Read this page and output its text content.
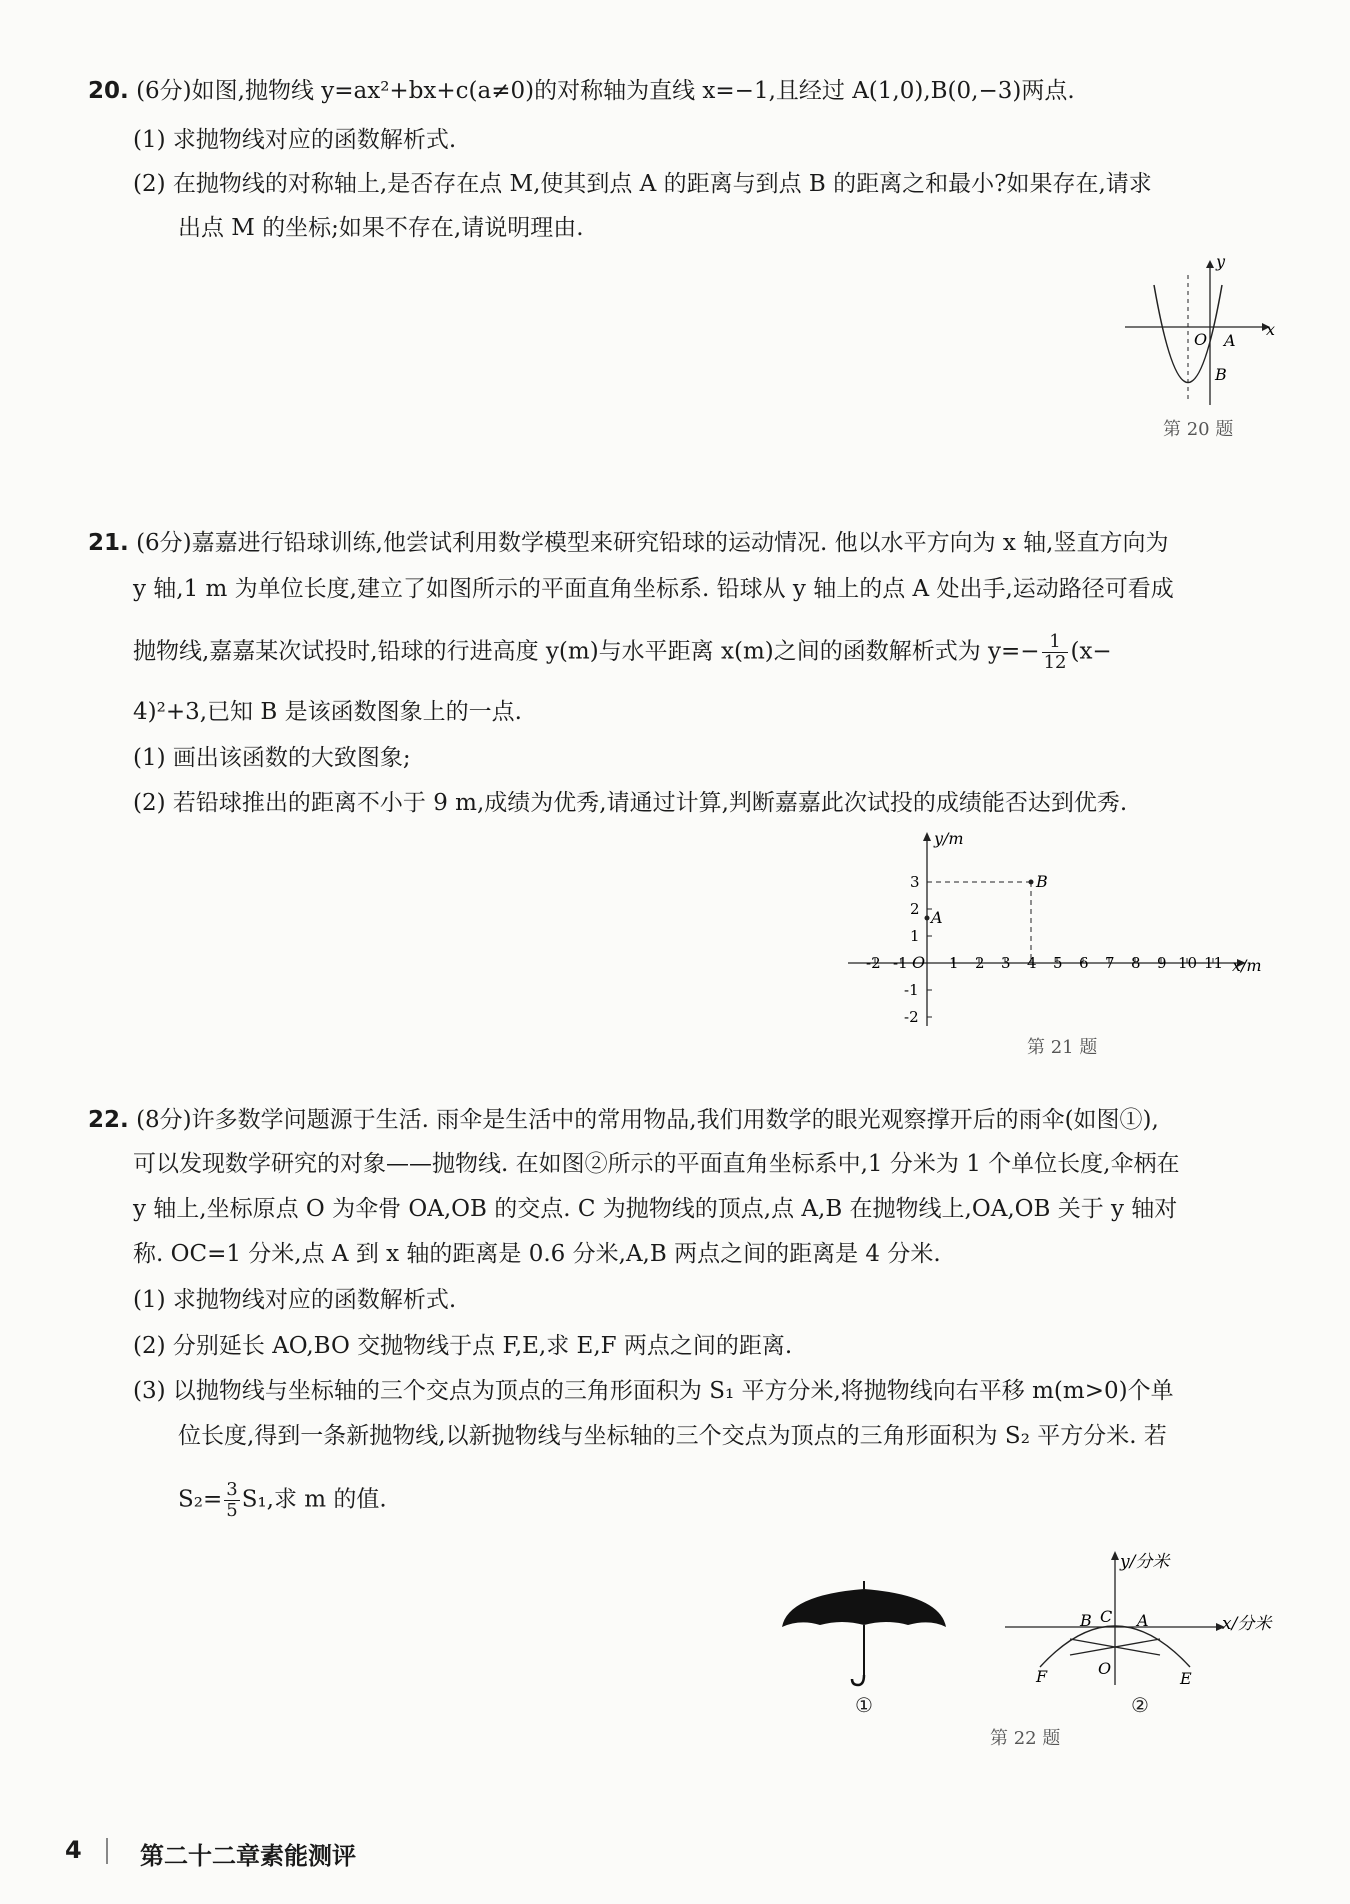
20. (6分)如图,抛物线 y=ax²+bx+c(a≠0)的对称轴为直线 x=−1,且经过 A(1,0),B(0,−3)两点.
(1) 求抛物线对应的函数解析式.
(2) 在抛物线的对称轴上,是否存在点 M,使其到点 A 的距离与到点 B 的距离之和最小?如果存在,请求
出点 M 的坐标;如果不存在,请说明理由.
y
x
O A
B
第 20 题
21. (6分)嘉嘉进行铅球训练,他尝试利用数学模型来研究铅球的运动情况. 他以水平方向为 x 轴,竖直方向为
y 轴,1 m 为单位长度,建立了如图所示的平面直角坐标系. 铅球从 y 轴上的点 A 处出手,运动路径可看成
抛物线,嘉嘉某次试投时,铅球的行进高度 y(m)与水平距离 x(m)之间的函数解析式为 $y=- \frac{1}{12} (x-$
4)²+3,已知 B 是该函数图象上的一点.
(1) 画出该函数的大致图象;
(2) 若铅球推出的距离不小于 9 m,成绩为优秀,请通过计算,判断嘉嘉此次试投的成绩能否达到优秀.
y/m
x/m
O
A
B
-2 -1	1 2 3 4 5 6 7 8 9 10 11
3
2
1
-1
-2
第 21 题
22. (8分)许多数学问题源于生活. 雨伞是生活中的常用物品,我们用数学的眼光观察撑开后的雨伞(如图①),
可以发现数学研究的对象——抛物线. 在如图②所示的平面直角坐标系中,1 分米为 1 个单位长度,伞柄在
y 轴上,坐标原点 O 为伞骨 OA,OB 的交点. C 为抛物线的顶点,点 A,B 在抛物线上,OA,OB 关于 y 轴对
称. OC=1 分米,点 A 到 x 轴的距离是 0.6 分米,A,B 两点之间的距离是 4 分米.
(1) 求抛物线对应的函数解析式.
(2) 分别延长 AO,BO 交抛物线于点 F,E,求 E,F 两点之间的距离.
(3) 以抛物线与坐标轴的三个交点为顶点的三角形面积为 S₁ 平方分米,将抛物线向右平移 m(m>0)个单
位长度,得到一条新抛物线,以新抛物线与坐标轴的三个交点为顶点的三角形面积为 S₂ 平方分米. 若
$S_2= \frac{3}{5} S_1$,求 m 的值.
①
y/分米
x/分米
B C A
F	O
E
②
第 22 题
4 第二十二章素能测评
